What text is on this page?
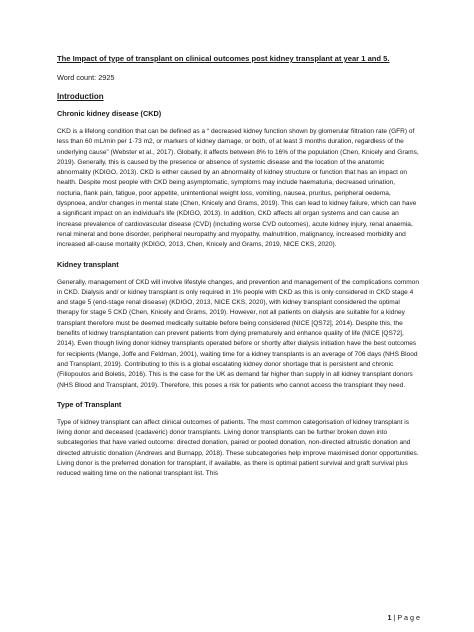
The Impact of type of transplant on clinical outcomes post kidney transplant at year 1 and 5.
Word count: 2925
Introduction
Chronic kidney disease (CKD)
CKD is a lifelong condition that can be defined as a “ decreased kidney function shown by glomerular filtration rate (GFR) of less than 60 mL/min per 1·73 m2, or markers of kidney damage, or both, of at least 3 months duration, regardless of the underlying cause” (Webster et al., 2017). Globally, it affects between 8% to 16% of the population (Chen, Knicely and Grams, 2019). Generally, this is caused by the presence or absence of systemic disease and the location of the anatomic abnormality (KDIGO, 2013). CKD is either caused by an abnormality of kidney structure or function that has an impact on health. Despite most people with CKD being asymptomatic, symptoms may include haematuria, decreased urination, nocturia, flank pain, fatigue, poor appetite, unintentional weight loss, vomiting, nausea, pruritus, peripheral oedema, dyspnoea, and/or changes in mental state (Chen, Knicely and Grams, 2019). This can lead to kidney failure, which can have a significant impact on an individual's life (KDIGO, 2013). In addition, CKD affects all organ systems and can cause an increase prevalence of cardiovascular disease (CVD) (including worse CVD outcomes), acute kidney injury, renal anaemia, renal mineral and bone disorder, peripheral neuropathy and myopathy, malnutrition, malignancy, increased morbidity and increased all-cause mortality (KDIGO, 2013, Chen, Knicely and Grams, 2019, NICE CKS, 2020).
Kidney transplant
Generally, management of CKD will involve lifestyle changes, and prevention and management of the complications common in CKD. Dialysis and/ or kidney transplant is only required in 1% people with CKD as this is only considered in CKD stage 4 and stage 5 (end-stage renal disease) (KDIGO, 2013, NICE CKS, 2020), with kidney transplant considered the optimal therapy for stage 5 CKD (Chen, Knicely and Grams, 2019). However, not all patients on dialysis are suitable for a kidney transplant therefore must be deemed medically suitable before being considered (NICE [QS72], 2014). Despite this, the benefits of kidney transplantation can prevent patients from dying prematurely and enhance quality of life (NICE [QS72], 2014). Even though living donor kidney transplants operated before or shortly after dialysis initiation have the best outcomes for recipients (Mange, Joffe and Feldman, 2001), waiting time for a kidney transplants is an average of 706 days (NHS Blood and Transplant, 2019). Contributing to this is a global escalating kidney donor shortage that is persistent and chronic (Filiopoulos and Boletis, 2016). This is the case for the UK as demand far higher than supply in all kidney transplant donors (NHS Blood and Transplant, 2019). Therefore, this poses a risk for patients who cannot access the transplant they need.
Type of Transplant
Type of kidney transplant can affect clinical outcomes of patients. The most common categorisation of kidney transplant is living donor and deceased (cadaveric) donor transplants. Living donor transplants can be further broken down into subcategories that have varied outcome: directed donation, paired or pooled donation, non-directed altruistic donation and directed altruistic donation (Andrews and Burnapp, 2018). These subcategories help improve maximised donor opportunities. Living donor is the preferred donation for transplant, if available, as there is optimal patient survival and graft survival plus reduced waiting time on the national transplant list. This
1 | P a g e
